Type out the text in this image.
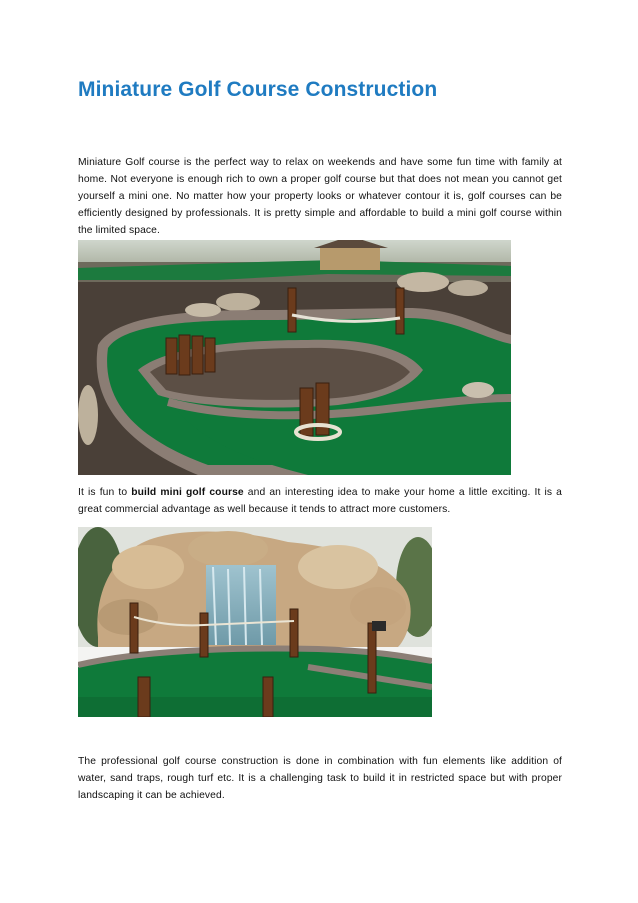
Miniature Golf Course Construction

Miniature Golf course is the perfect way to relax on weekends and have some fun time with family at home. Not everyone is enough rich to own a proper golf course but that does not mean you cannot get yourself a mini one. No matter how your property looks or whatever contour it is, golf courses can be efficiently designed by professionals. It is pretty simple and affordable to build a mini golf course within the limited space.

It is fun to build mini golf course and an interesting idea to make your home a little exciting. It is a great commercial advantage as well because it tends to attract more customers.

The professional golf course construction is done in combination with fun elements like addition of water, sand traps, rough turf etc. It is a challenging task to build it in restricted space but with proper landscaping it can be achieved.
